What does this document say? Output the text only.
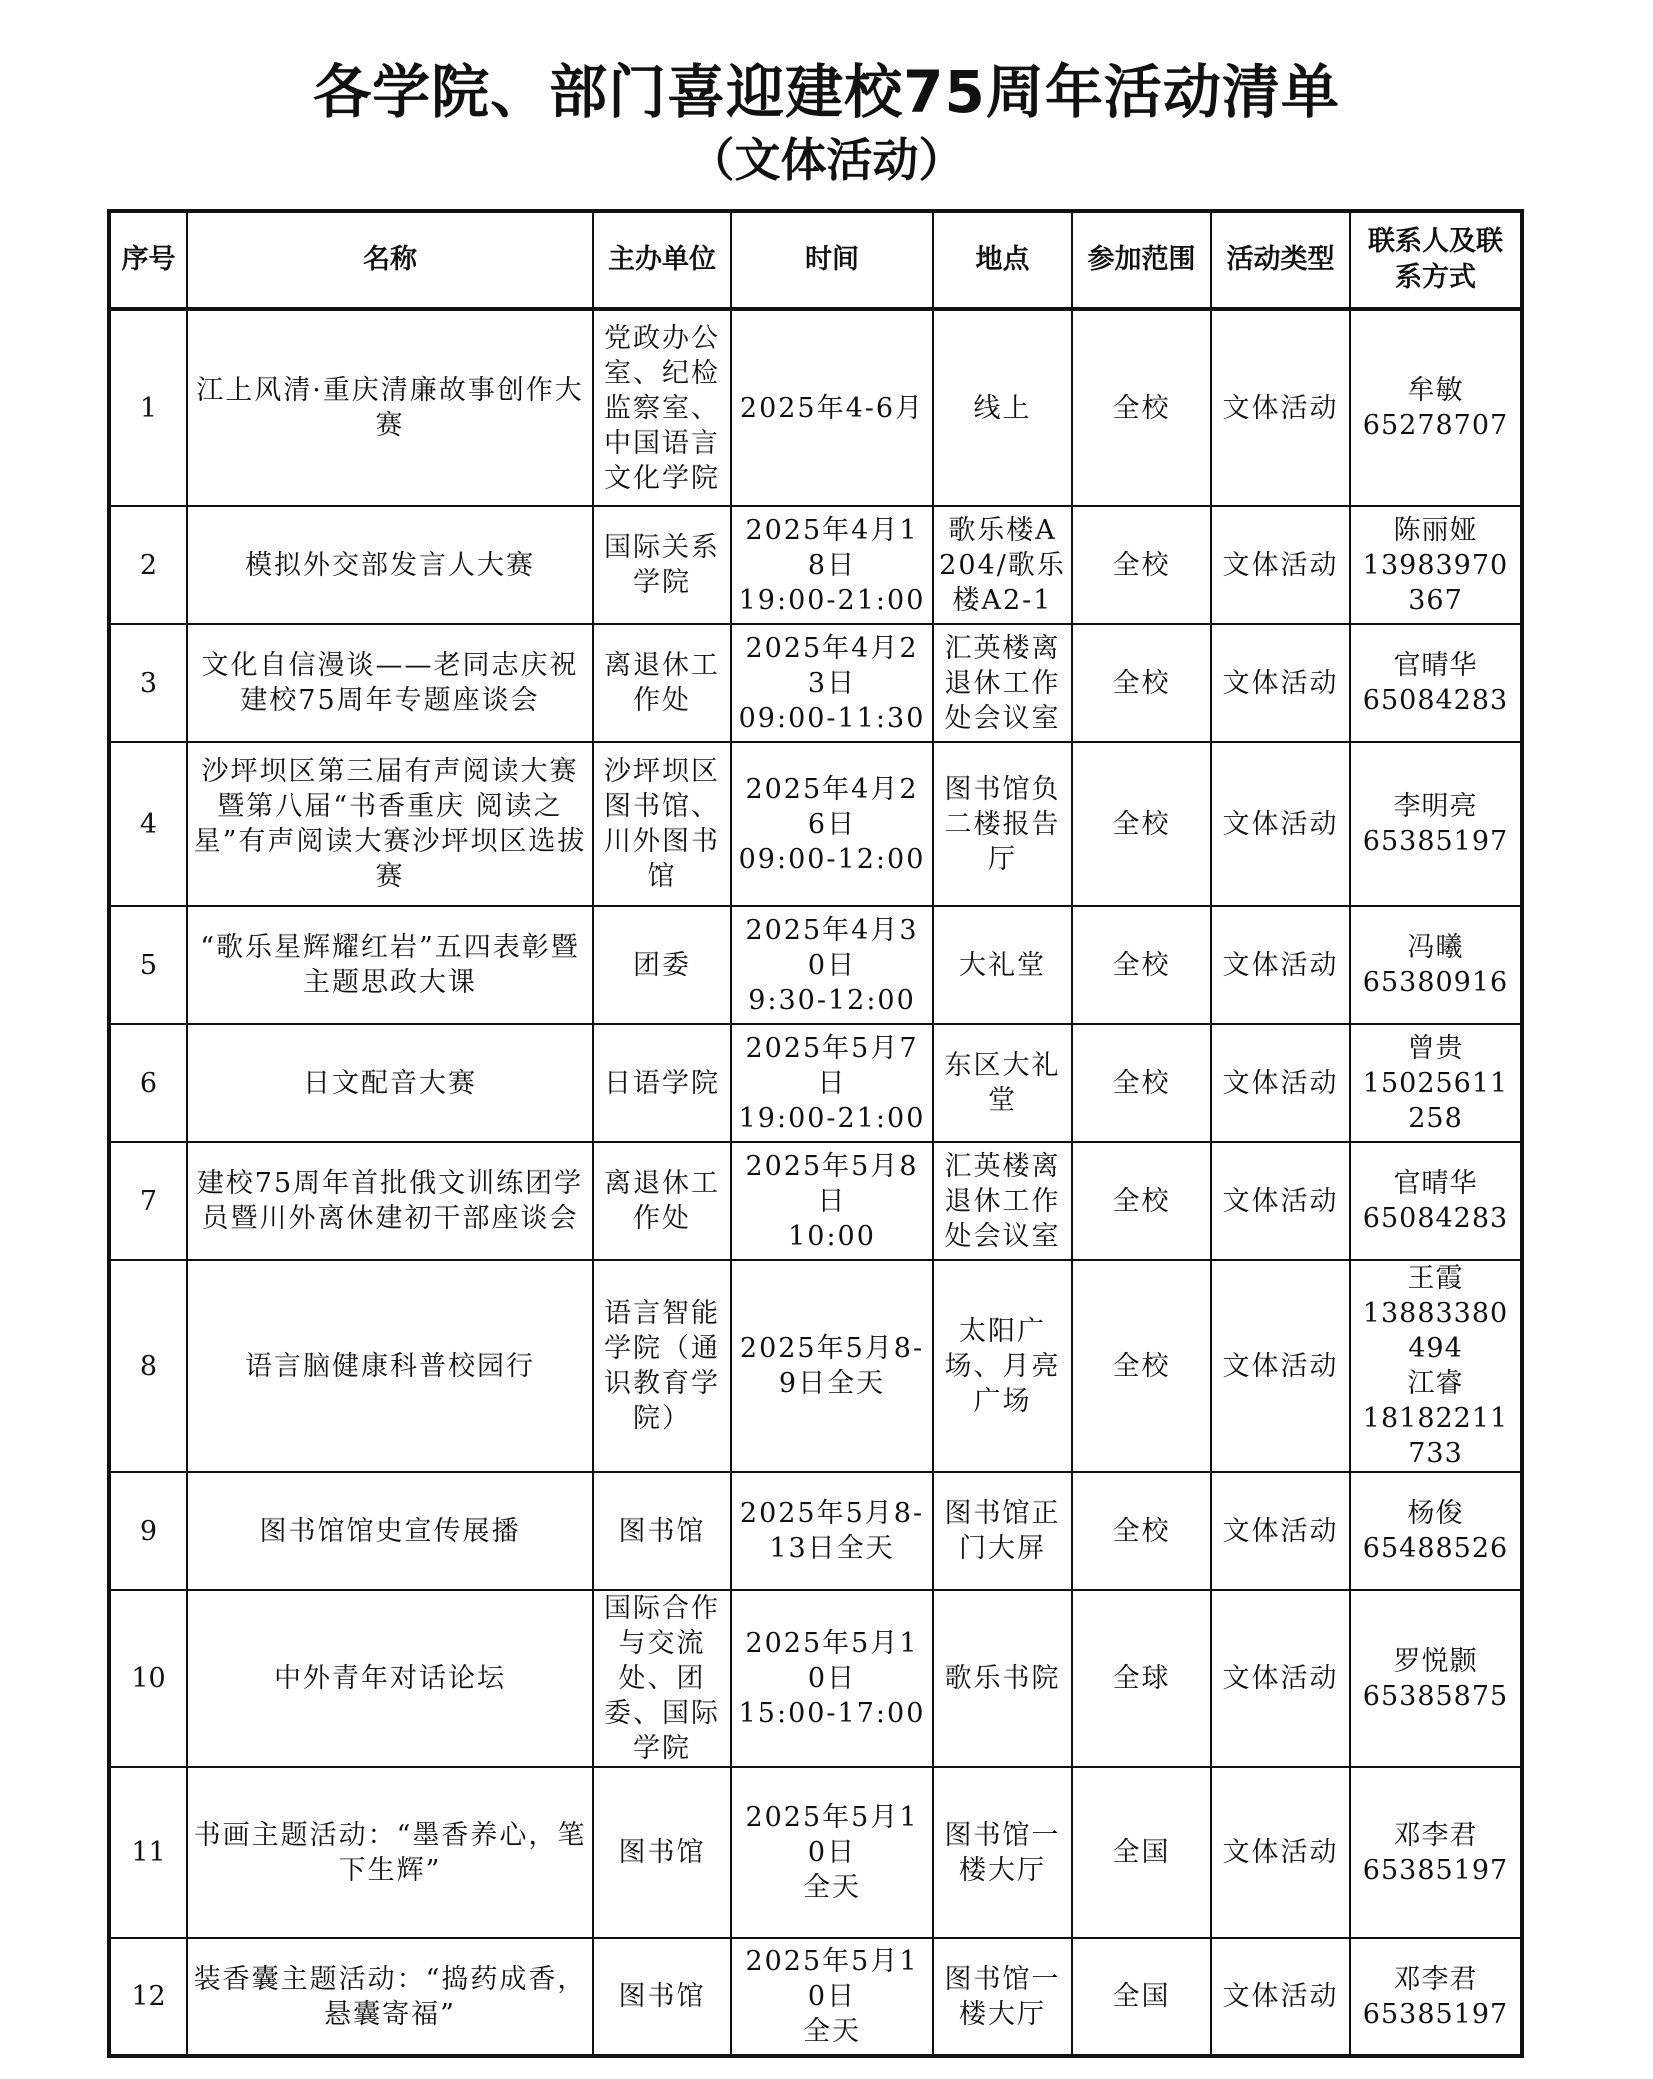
各学院、部门喜迎建校75周年活动清单
（文体活动）
序号	名称	主办单位	时间	地点	参加范围	活动类型	联系人及联系方式
1	江上风清·重庆清廉故事创作大赛	党政办公室、纪检监察室、中国语言文化学院	2025年4-6月	线上	全校	文体活动	牟敏
65278707

2	模拟外交部发言人大赛	国际关系学院	2025年4月18日
19:00-21:00	歌乐楼A204/歌乐楼A2-1	全校	文体活动	陈丽娅
13983970367

3	文化自信漫谈——老同志庆祝建校75周年专题座谈会	离退休工作处	2025年4月23日
09:00-11:30	汇英楼离退休工作处会议室	全校	文体活动	官晴华
65084283

4	沙坪坝区第三届有声阅读大赛暨第八届“书香重庆 阅读之星”有声阅读大赛沙坪坝区选拔赛	沙坪坝区图书馆、川外图书馆	2025年4月26日
09:00-12:00	图书馆负二楼报告厅	全校	文体活动	李明亮
65385197

5	“歌乐星辉耀红岩”五四表彰暨主题思政大课	团委	2025年4月30日
9:30-12:00	大礼堂	全校	文体活动	冯曦
65380916

6	日文配音大赛	日语学院	2025年5月7日
19:00-21:00	东区大礼堂	全校	文体活动	曾贵
15025611258

7	建校75周年首批俄文训练团学员暨川外离休建初干部座谈会	离退休工作处	2025年5月8日
10:00	汇英楼离退休工作处会议室	全校	文体活动	官晴华
65084283

8	语言脑健康科普校园行	语言智能学院（通识教育学院）	2025年5月8-9日全天	太阳广场、月亮广场	全校	文体活动	王霞
13883380494
江睿
18182211733

9	图书馆馆史宣传展播	图书馆	2025年5月8-13日全天	图书馆正门大屏	全校	文体活动	杨俊
65488526

10	中外青年对话论坛	国际合作与交流处、团委、国际学院	2025年5月10日
15:00-17:00	歌乐书院	全球	文体活动	罗悦颢
65385875

11	书画主题活动：“墨香养心，笔下生辉”	图书馆	2025年5月10日
全天	图书馆一楼大厅	全国	文体活动	邓李君
65385197

12	装香囊主题活动：“捣药成香，悬囊寄福”	图书馆	2025年5月10日
全天	图书馆一楼大厅	全国	文体活动	邓李君
65385197
